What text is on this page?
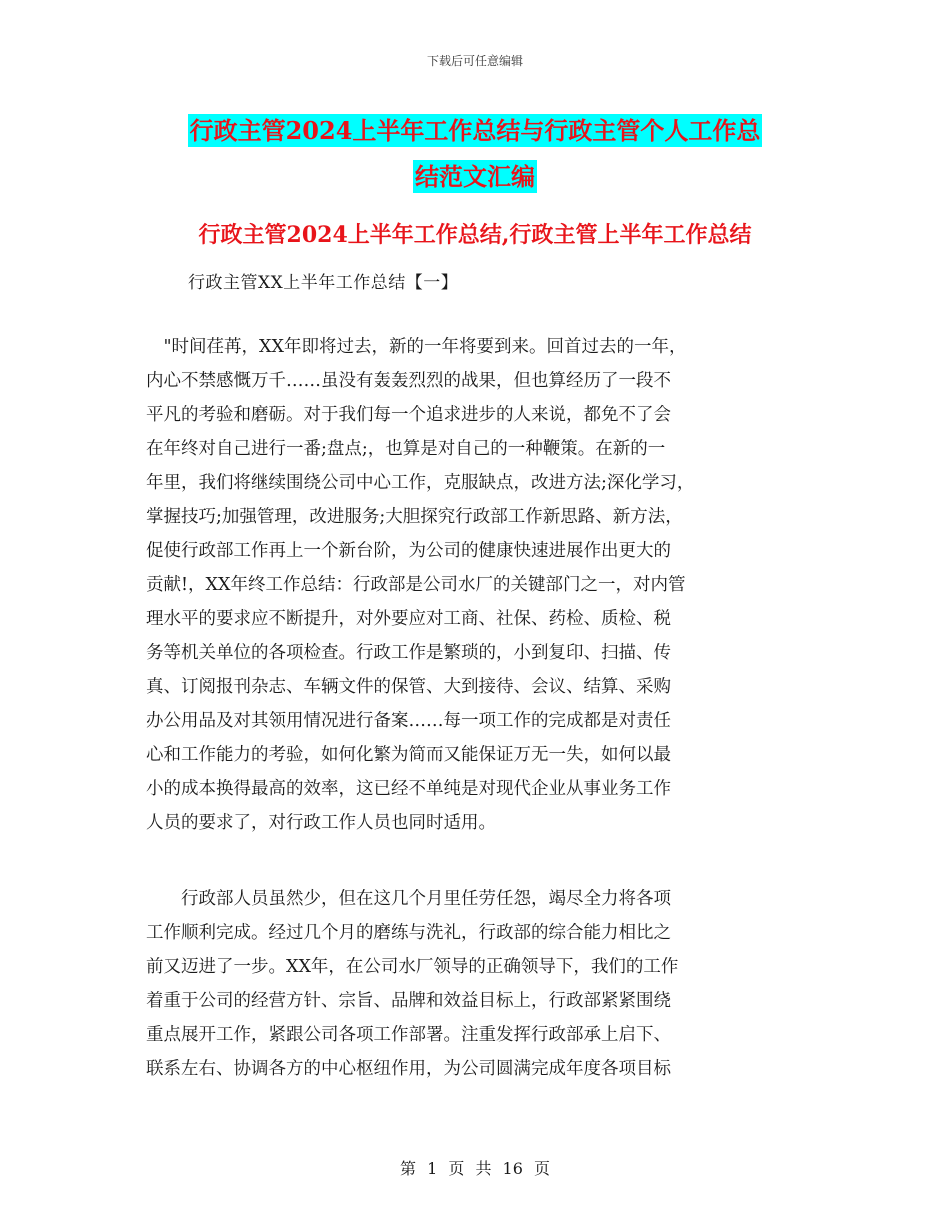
下载后可任意编辑
行政主管2024上半年工作总结与行政主管个人工作总
结范文汇编
行政主管2024上半年工作总结,行政主管上半年工作总结
行政主管XX上半年工作总结【一】
　"时间荏苒，XX年即将过去，新的一年将要到来。回首过去的一年，
内心不禁感慨万千……虽没有轰轰烈烈的战果，但也算经历了一段不
平凡的考验和磨砺。对于我们每一个追求进步的人来说，都免不了会
在年终对自己进行一番;盘点;，也算是对自己的一种鞭策。在新的一
年里，我们将继续围绕公司中心工作，克服缺点，改进方法;深化学习，
掌握技巧;加强管理，改进服务;大胆探究行政部工作新思路、新方法，
促使行政部工作再上一个新台阶，为公司的健康快速进展作出更大的
贡献!，XX年终工作总结：行政部是公司水厂的关键部门之一，对内管
理水平的要求应不断提升，对外要应对工商、社保、药检、质检、税
务等机关单位的各项检查。行政工作是繁琐的，小到复印、扫描、传
真、订阅报刊杂志、车辆文件的保管、大到接待、会议、结算、采购
办公用品及对其领用情况进行备案……每一项工作的完成都是对责任
心和工作能力的考验，如何化繁为简而又能保证万无一失，如何以最
小的成本换得最高的效率，这已经不单纯是对现代企业从事业务工作
人员的要求了，对行政工作人员也同时适用。
　　行政部人员虽然少，但在这几个月里任劳任怨，竭尽全力将各项
工作顺利完成。经过几个月的磨练与洗礼，行政部的综合能力相比之
前又迈进了一步。XX年，在公司水厂领导的正确领导下，我们的工作
着重于公司的经营方针、宗旨、品牌和效益目标上，行政部紧紧围绕
重点展开工作，紧跟公司各项工作部署。注重发挥行政部承上启下、
联系左右、协调各方的中心枢纽作用，为公司圆满完成年度各项目标
第 1 页 共 16 页
